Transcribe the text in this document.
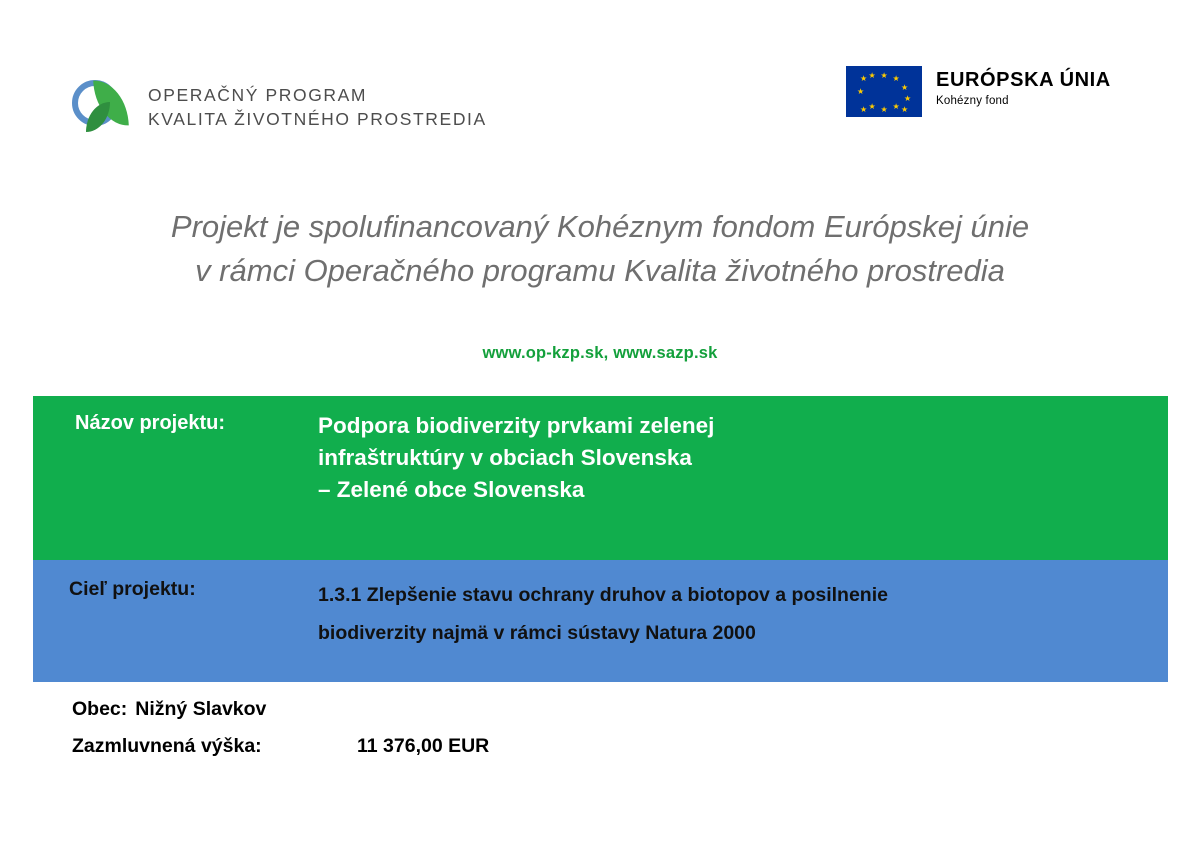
OPERAČNÝ PROGRAM
KVALITA ŽIVOTNÉHO PROSTREDIA
★ ★
★
★
★
★
★
★
★
★
★ ★	EURÓPSKA ÚNIA
Kohézny fond
Projekt je spolufinancovaný Kohéznym fondom Európskej únie
v rámci Operačného programu Kvalita životného prostredia
www.op-kzp.sk, www.sazp.sk
Názov projektu:	Podpora biodiverzity prvkami zelenej
infraštruktúry v obciach Slovenska
– Zelené obce Slovenska
Cieľ projektu:	1.3.1 Zlepšenie stavu ochrany druhov a biotopov a posilnenie
biodiverzity najmä v rámci sústavy Natura 2000
Obec: Nižný Slavkov
Zazmluvnená výška:	11 376,00 EUR
